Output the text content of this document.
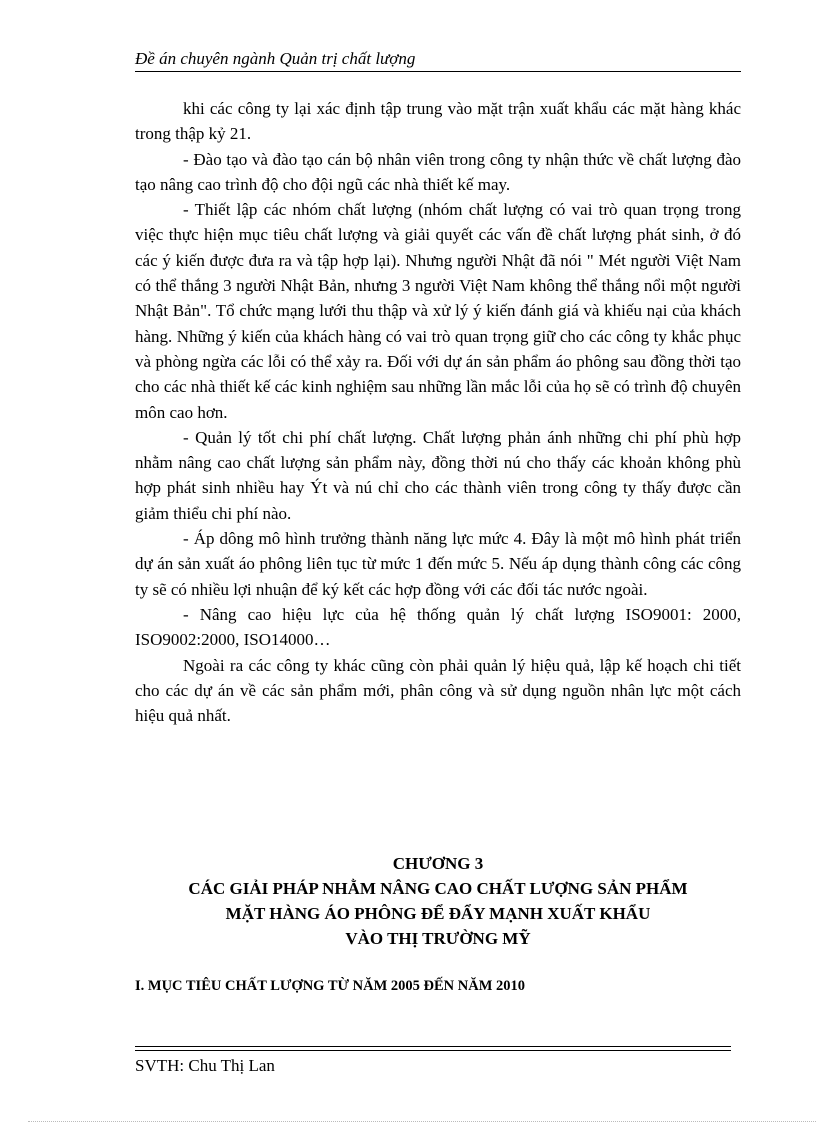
Đề án chuyên ngành Quản trị chất lượng

khi các công ty lại xác định tập trung vào mặt trận xuất khẩu các mặt hàng khác trong thập kỷ 21.

- Đào tạo và đào tạo cán bộ nhân viên trong công ty nhận thức về chất lượng đào tạo nâng cao trình độ cho đội ngũ các nhà thiết kế may.

- Thiết lập các nhóm chất lượng (nhóm chất lượng có vai trò quan trọng trong việc thực hiện mục tiêu chất lượng và giải quyết các vấn đề chất lượng phát sinh, ở đó các ý kiến được đưa ra và tập hợp lại). Nhưng người Nhật đã nói " Mét người Việt Nam có thể thắng 3 người Nhật Bản, nhưng 3 người Việt Nam không thể thắng nổi một người Nhật Bản". Tổ chức mạng lưới thu thập và xử lý ý kiến đánh giá và khiếu nại của khách hàng. Những ý kiến của khách hàng có vai trò quan trọng giữ cho các công ty khắc phục và phòng ngừa các lỗi có thể xảy ra. Đối với dự án sản phẩm áo phông sau đồng thời tạo cho các nhà thiết kế các kinh nghiệm sau những lần mắc lỗi của họ sẽ có trình độ chuyên môn cao hơn.

- Quản lý tốt chi phí chất lượng. Chất lượng phản ánh những chi phí phù hợp nhằm nâng cao chất lượng sản phẩm này, đồng thời nú cho thấy các khoản không phù hợp phát sinh nhiều hay Ýt và nú chỉ cho các thành viên trong công ty thấy được cần giảm thiểu chi phí nào.

- Áp dông mô hình trưởng thành năng lực mức 4. Đây là một mô hình phát triển dự án sản xuất áo phông liên tục từ mức 1 đến mức 5. Nếu áp dụng thành công các công ty sẽ có nhiều lợi nhuận để ký kết các hợp đồng với các đối tác nước ngoài.

- Nâng cao hiệu lực của hệ thống quản lý chất lượng ISO9001: 2000, ISO9002:2000, ISO14000…

Ngoài ra các công ty khác cũng còn phải quản lý hiệu quả, lập kế hoạch chi tiết cho các dự án về các sản phẩm mới, phân công và sử dụng nguồn nhân lực một cách hiệu quả nhất.

CHƯƠNG 3
CÁC GIẢI PHÁP NHẰM NÂNG CAO CHẤT LƯỢNG SẢN PHẨM
MẶT HÀNG ÁO PHÔNG ĐỂ ĐẨY MẠNH XUẤT KHẨU
VÀO THỊ TRƯỜNG MỸ
I. MỤC TIÊU CHẤT LƯỢNG TỪ NĂM 2005 ĐẾN NĂM 2010
SVTH: Chu Thị Lan
